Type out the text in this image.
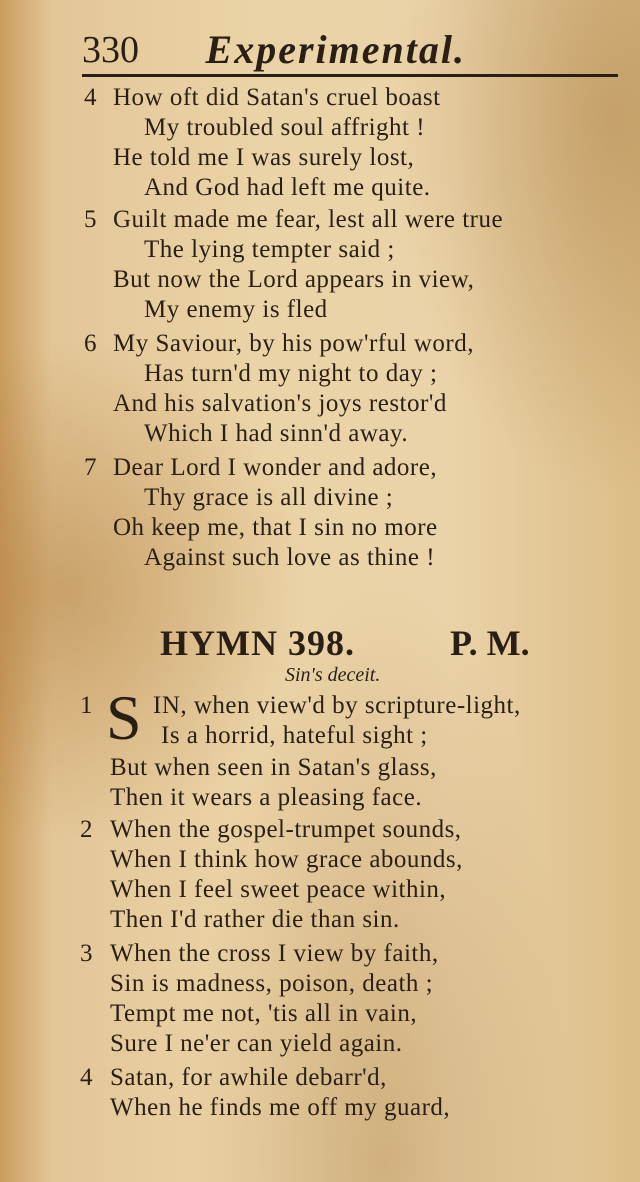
330 Experimental.
4 How oft did Satan's cruel boast
My troubled soul affright !
He told me I was surely lost,
And God had left me quite.
5 Guilt made me fear, lest all were true
The lying tempter said ;
But now the Lord appears in view,
My enemy is fled
6 My Saviour, by his pow'rful word,
Has turn'd my night to day ;
And his salvation's joys restor'd
Which I had sinn'd away.
7 Dear Lord I wonder and adore,
Thy grace is all divine ;
Oh keep me, that I sin no more
Against such love as thine !
HYMN 398.	P. M.
Sin's deceit.
1 S IN, when view'd by scripture-light,
Is a horrid, hateful sight ;
But when seen in Satan's glass,
Then it wears a pleasing face.
2 When the gospel-trumpet sounds,
When I think how grace abounds,
When I feel sweet peace within,
Then I'd rather die than sin.
3 When the cross I view by faith,
Sin is madness, poison, death ;
Tempt me not, 'tis all in vain,
Sure I ne'er can yield again.
4 Satan, for awhile debarr'd,
When he finds me off my guard,
